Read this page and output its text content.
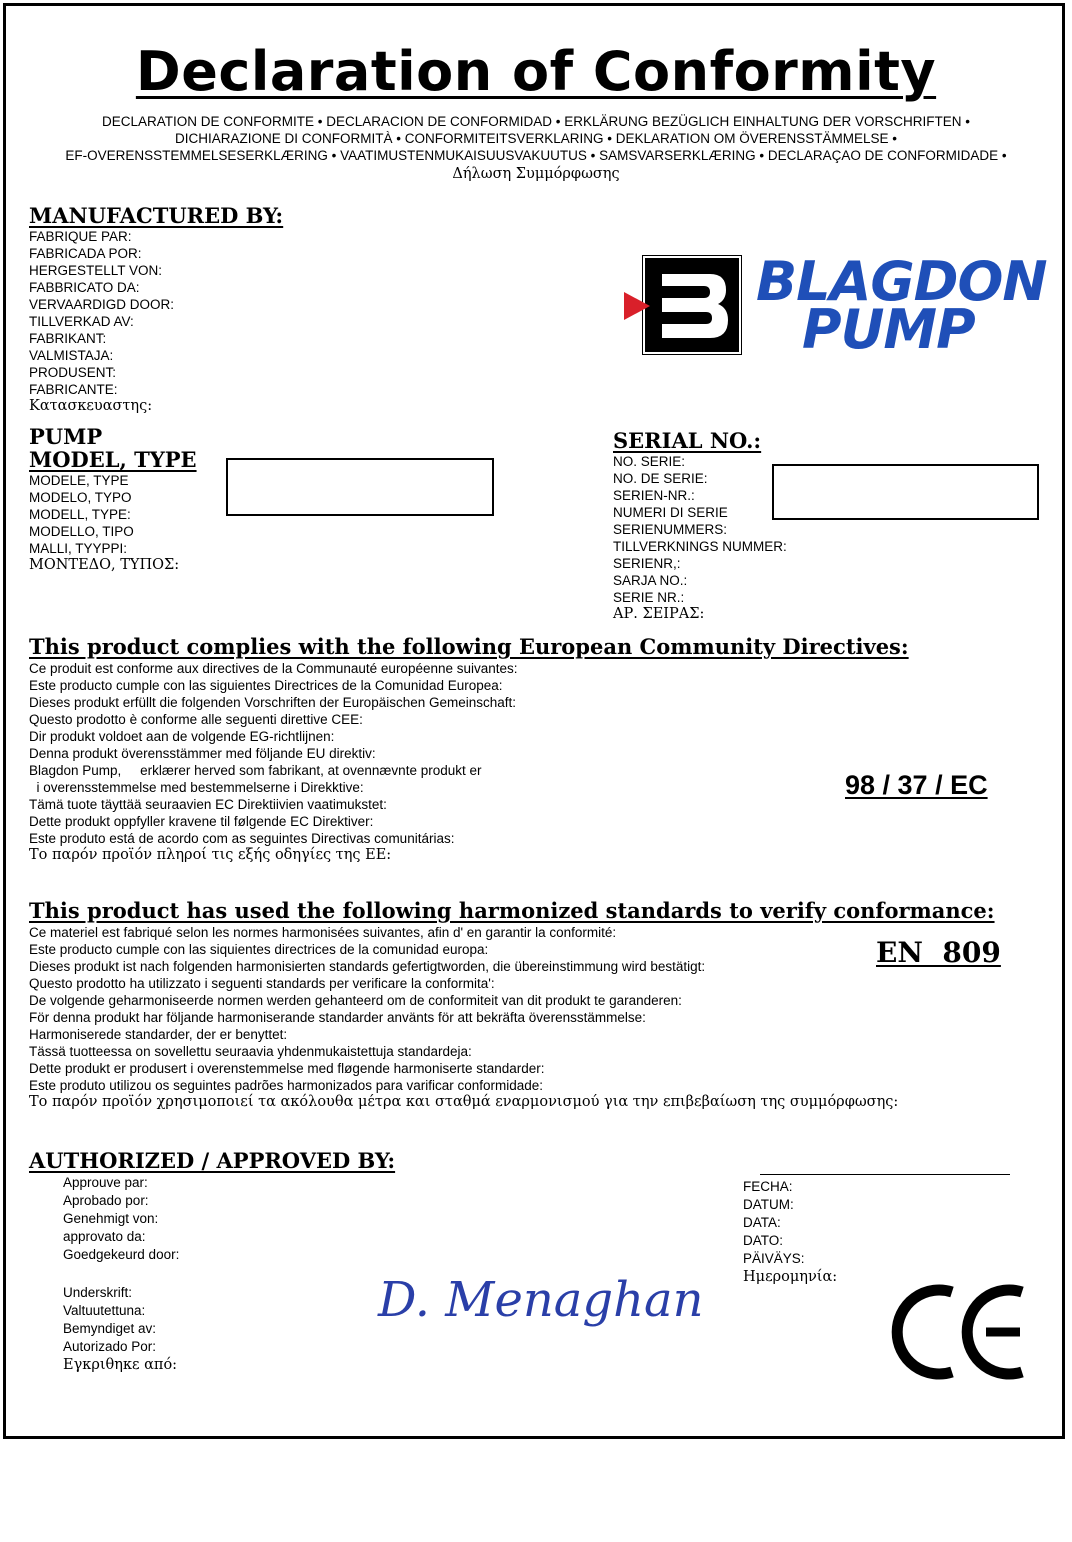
Declaration of Conformity
DECLARATION DE CONFORMITE • DECLARACION DE CONFORMIDAD • ERKLÄRUNG BEZÜGLICH EINHALTUNG DER VORSCHRIFTEN •
DICHIARAZIONE DI CONFORMITÀ • CONFORMITEITSVERKLARING • DEKLARATION OM ÖVERENSSTÄMMELSE •
EF-OVERENSSTEMMELSESERKLÆRING • VAATIMUSTENMUKAISUUSVAKUUTUS • SAMSVARSERKLÆRING • DECLARAÇAO DE CONFORMIDADE •
Δήλωση Συμμόρφωσης
MANUFACTURED BY:
FABRIQUE PAR:
FABRICADA POR:
HERGESTELLT VON:
FABBRICATO DA:
VERVAARDIGD DOOR:
TILLVERKAD AV:
FABRIKANT:
VALMISTAJA:
PRODUSENT:
FABRICANTE:
Κατασκευαστης:
BLAGDON
PUMP
PUMP
MODEL, TYPE
MODELE, TYPE
MODELO, TYPO
MODELL, TYPE:
MODELLO, TIPO
MALLI, TYYPPI:
ΜΟΝΤΕΔΟ, ΤΥΠΟΣ:
SERIAL NO.:
NO. SERIE:
NO. DE SERIE:
SERIEN-NR.:
NUMERI DI SERIE
SERIENUMMERS:
TILLVERKNINGS NUMMER:
SERIENR,:
SARJA NO.:
SERIE NR.:
ΑΡ. ΣΕΙΡΑΣ:
This product complies with the following European Community Directives:
Ce produit est conforme aux directives de la Communauté européenne suivantes:
Este producto cumple con las siguientes Directrices de la Comunidad Europea:
Dieses produkt erfüllt die folgenden Vorschriften der Europäischen Gemeinschaft:
Questo prodotto è conforme alle seguenti direttive CEE:
Dir produkt voldoet aan de volgende EG-richtlijnen:
Denna produkt överensstämmer med följande EU direktiv:
Blagdon Pump,     erklærer herved som fabrikant, at ovennævnte produkt er
i overensstemmelse med bestemmelserne i Direkktive:
Tämä tuote täyttää seuraavien EC Direktiivien vaatimukstet:
Dette produkt oppfyller kravene til følgende EC Direktiver:
Este produto está de acordo com as seguintes Directivas comunitárias:
Το παρόν προϊόν πληροί τις εξής οδηγίες της ΕΕ:
98 / 37 / EC
This product has used the following harmonized standards to verify conformance:
Ce materiel est fabriqué selon les normes harmonisées suivantes, afin d' en garantir la conformité:
Este producto cumple con las siquientes directrices de la comunidad europa:
Dieses produkt ist nach folgenden harmonisierten standards gefertigtworden, die übereinstimmung wird bestätigt:
Questo prodotto ha utilizzato i seguenti standards per verificare la conformita':
De volgende geharmoniseerde normen werden gehanteerd om de conformiteit van dit produkt te garanderen:
För denna produkt har följande harmoniserande standarder använts för att bekräfta överensstämmelse:
Harmoniserede standarder, der er benyttet:
Tässä tuotteessa on sovellettu seuraavia yhdenmukaistettuja standardeja:
Dette produkt er produsert i overenstemmelse med fløgende harmoniserte standarder:
Este produto utilizou os seguintes padrões harmonizados para varificar conformidade:
Το παρόν προϊόν χρησιμοποιεί τα ακόλουθα μέτρα και σταθμά εναρμονισμού για την επιβεβαίωση της συμμόρφωσης:
EN  809
AUTHORIZED / APPROVED BY:
Approuve par:
Aprobado por:
Genehmigt von:
approvato da:
Goedgekeurd door:
Underskrift:
Valtuutettuna:
Bemyndiget av:
Autorizado Por:
Εγκριθηκε από:
D. Menaghan
FECHA:
DATUM:
DATA:
DATO:
PÄIVÄYS:
Ημερομηνία:
